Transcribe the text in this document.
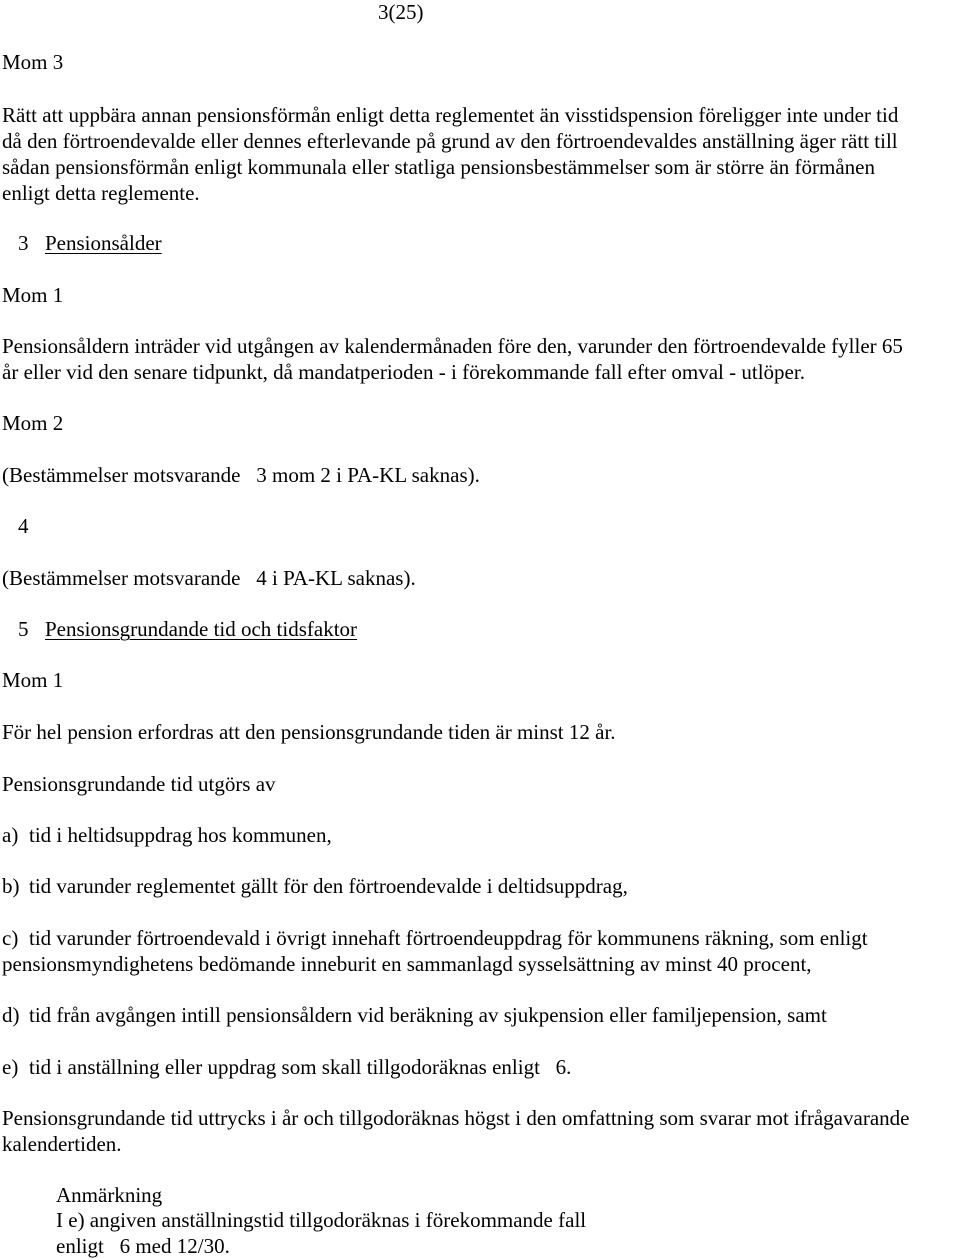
3(25)
Mom 3
Rätt att uppbära annan pensionsförmån enligt detta reglementet än visstidspension föreligger inte under tid
då den förtroendevalde eller dennes efterlevande på grund av den förtroendevaldes anställning äger rätt till
sådan pensionsförmån enligt kommunala eller statliga pensionsbestämmelser som är större än förmånen
enligt detta reglemente.
3 Pensionsålder
Mom 1
Pensionsåldern inträder vid utgången av kalendermånaden före den, varunder den förtroendevalde fyller 65
år eller vid den senare tidpunkt, då mandatperioden - i förekommande fall efter omval - utlöper.
Mom 2
(Bestämmelser motsvarande   3 mom 2 i PA-KL saknas).
4
(Bestämmelser motsvarande   4 i PA-KL saknas).
5 Pensionsgrundande tid och tidsfaktor
Mom 1
För hel pension erfordras att den pensionsgrundande tiden är minst 12 år.
Pensionsgrundande tid utgörs av
a) tid i heltidsuppdrag hos kommunen,
b) tid varunder reglementet gällt för den förtroendevalde i deltidsuppdrag,
c) tid varunder förtroendevald i övrigt innehaft förtroendeuppdrag för kommunens räkning, som enligt
pensionsmyndighetens bedömande inneburit en sammanlagd sysselsättning av minst 40 procent,
d) tid från avgången intill pensionsåldern vid beräkning av sjukpension eller familjepension, samt
e) tid i anställning eller uppdrag som skall tillgodoräknas enligt   6.
Pensionsgrundande tid uttrycks i år och tillgodoräknas högst i den omfattning som svarar mot ifrågavarande
kalendertiden.
Anmärkning
I e) angiven anställningstid tillgodoräknas i förekommande fall
enligt   6 med 12/30.
